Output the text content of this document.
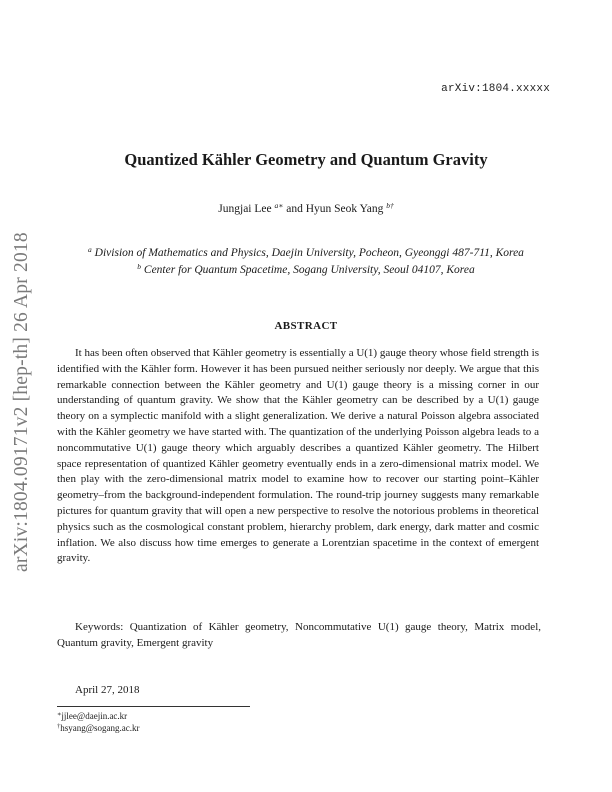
arXiv:1804.xxxxx
arXiv:1804.09171v2 [hep-th] 26 Apr 2018
Quantized Kähler Geometry and Quantum Gravity
Jungjai Lee $^{a∗}$ and Hyun Seok Yang $^{b\dagger}$
$^a$ Division of Mathematics and Physics, Daejin University, Pocheon, Gyeonggi 487-711, Korea
$^b$ Center for Quantum Spacetime, Sogang University, Seoul 04107, Korea
ABSTRACT
It has been often observed that Kähler geometry is essentially a U(1) gauge theory whose field strength is identified with the Kähler form. However it has been pursued neither seriously nor deeply. We argue that this remarkable connection between the Kähler geometry and U(1) gauge theory is a missing corner in our understanding of quantum gravity. We show that the Kähler geometry can be described by a U(1) gauge theory on a symplectic manifold with a slight generalization. We derive a natural Poisson algebra associated with the Kähler geometry we have started with. The quantization of the underlying Poisson algebra leads to a noncommutative U(1) gauge theory which arguably describes a quantized Kähler geometry. The Hilbert space representation of quantized Kähler geometry eventually ends in a zero-dimensional matrix model. We then play with the zero-dimensional matrix model to examine how to recover our starting point–Kähler geometry–from the background-independent formulation. The round-trip journey suggests many remarkable pictures for quantum gravity that will open a new perspective to resolve the notorious problems in theoretical physics such as the cosmological constant problem, hierarchy problem, dark energy, dark matter and cosmic inflation. We also discuss how time emerges to generate a Lorentzian spacetime in the context of emergent gravity.
Keywords: Quantization of Kähler geometry, Noncommutative U(1) gauge theory, Matrix model, Quantum gravity, Emergent gravity
April 27, 2018
∗jjlee@daejin.ac.kr
†hsyang@sogang.ac.kr
